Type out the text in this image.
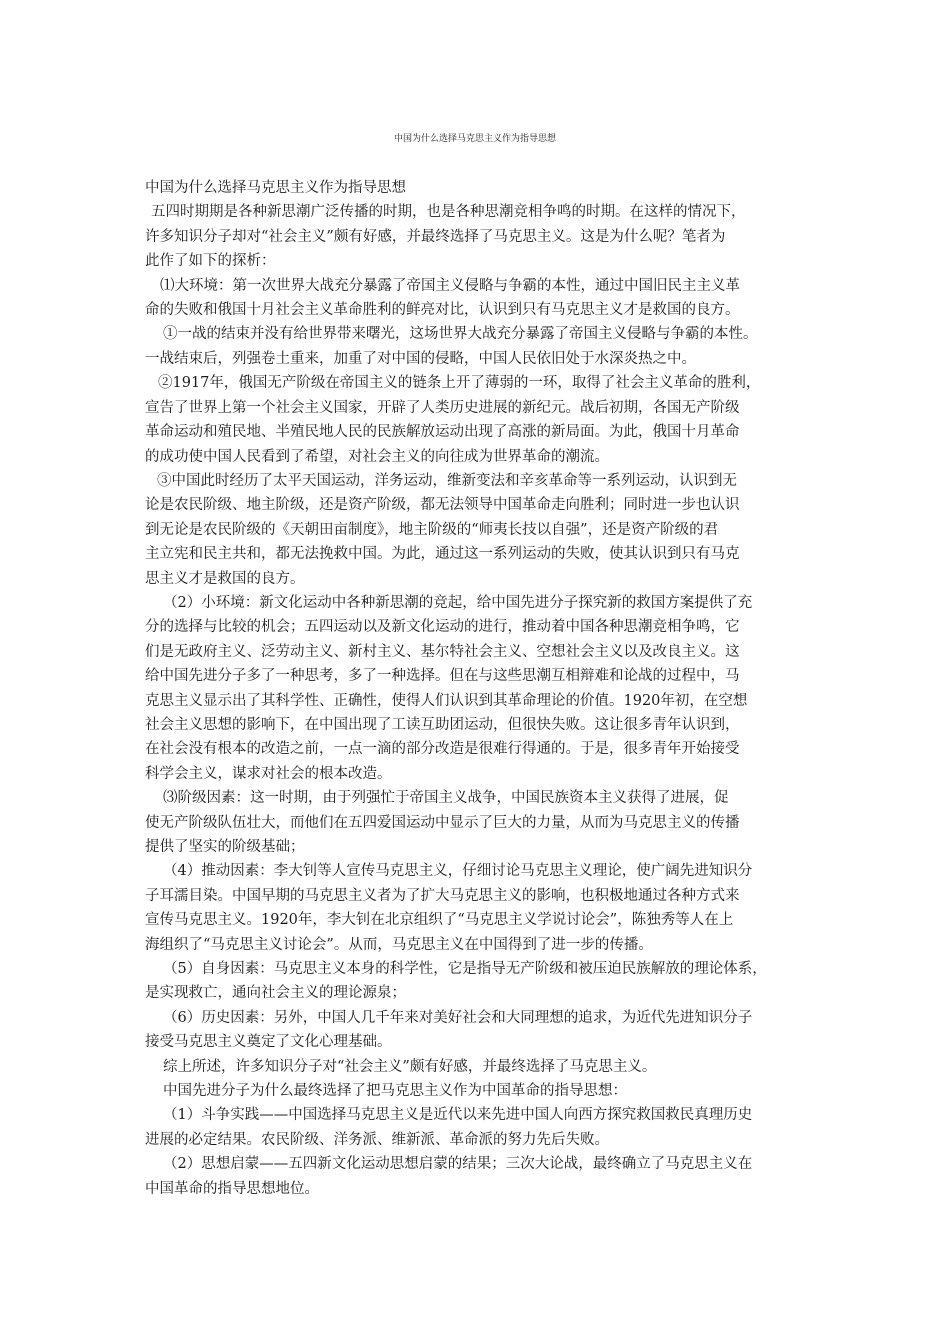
中国为什么选择马克思主义作为指导思想
中国为什么选择马克思主义作为指导思想
五四时期期是各种新思潮广泛传播的时期，也是各种思潮竞相争鸣的时期。在这样的情况下，
许多知识分子却对“社会主义”颇有好感，并最终选择了马克思主义。这是为什么呢？笔者为
此作了如下的探析：
⑴大环境：第一次世界大战充分暴露了帝国主义侵略与争霸的本性，通过中国旧民主主义革
命的失败和俄国十月社会主义革命胜利的鲜亮对比，认识到只有马克思主义才是救国的良方。
①一战的结束并没有给世界带来曙光，这场世界大战充分暴露了帝国主义侵略与争霸的本性。
一战结束后，列强卷土重来，加重了对中国的侵略，中国人民依旧处于水深炎热之中。
②1917年，俄国无产阶级在帝国主义的链条上开了薄弱的一环，取得了社会主义革命的胜利，
宣告了世界上第一个社会主义国家，开辟了人类历史进展的新纪元。战后初期，各国无产阶级
革命运动和殖民地、半殖民地人民的民族解放运动出现了高涨的新局面。为此，俄国十月革命
的成功使中国人民看到了希望，对社会主义的向往成为世界革命的潮流。
③中国此时经历了太平天国运动，洋务运动，维新变法和辛亥革命等一系列运动，认识到无
论是农民阶级、地主阶级，还是资产阶级，都无法领导中国革命走向胜利；同时进一步也认识
到无论是农民阶级的《天朝田亩制度》，地主阶级的“师夷长技以自强”，还是资产阶级的君
主立宪和民主共和，都无法挽救中国。为此，通过这一系列运动的失败，使其认识到只有马克
思主义才是救国的良方。
（2）小环境：新文化运动中各种新思潮的竞起，给中国先进分子探究新的救国方案提供了充
分的选择与比较的机会；五四运动以及新文化运动的进行，推动着中国各种思潮竞相争鸣，它
们是无政府主义、泛劳动主义、新村主义、基尔特社会主义、空想社会主义以及改良主义。这
给中国先进分子多了一种思考，多了一种选择。但在与这些思潮互相辩难和论战的过程中，马
克思主义显示出了其科学性、正确性，使得人们认识到其革命理论的价值。1920年初，在空想
社会主义思想的影响下，在中国出现了工读互助团运动，但很快失败。这让很多青年认识到，
在社会没有根本的改造之前，一点一滴的部分改造是很难行得通的。于是，很多青年开始接受
科学会主义，谋求对社会的根本改造。
⑶阶级因素：这一时期，由于列强忙于帝国主义战争，中国民族资本主义获得了进展，促
使无产阶级队伍壮大，而他们在五四爱国运动中显示了巨大的力量，从而为马克思主义的传播
提供了坚实的阶级基础；
（4）推动因素：李大钊等人宣传马克思主义，仔细讨论马克思主义理论，使广阔先进知识分
子耳濡目染。中国早期的马克思主义者为了扩大马克思主义的影响，也积极地通过各种方式来
宣传马克思主义。1920年，李大钊在北京组织了“马克思主义学说讨论会”，陈独秀等人在上
海组织了“马克思主义讨论会”。从而，马克思主义在中国得到了进一步的传播。
（5）自身因素：马克思主义本身的科学性，它是指导无产阶级和被压迫民族解放的理论体系，
是实现救亡，通向社会主义的理论源泉；
（6）历史因素：另外，中国人几千年来对美好社会和大同理想的追求，为近代先进知识分子
接受马克思主义奠定了文化心理基础。
综上所述，许多知识分子对“社会主义”颇有好感，并最终选择了马克思主义。
中国先进分子为什么最终选择了把马克思主义作为中国革命的指导思想：
（1）斗争实践——中国选择马克思主义是近代以来先进中国人向西方探究救国救民真理历史
进展的必定结果。农民阶级、洋务派、维新派、革命派的努力先后失败。
（2）思想启蒙——五四新文化运动思想启蒙的结果；三次大论战，最终确立了马克思主义在
中国革命的指导思想地位。
